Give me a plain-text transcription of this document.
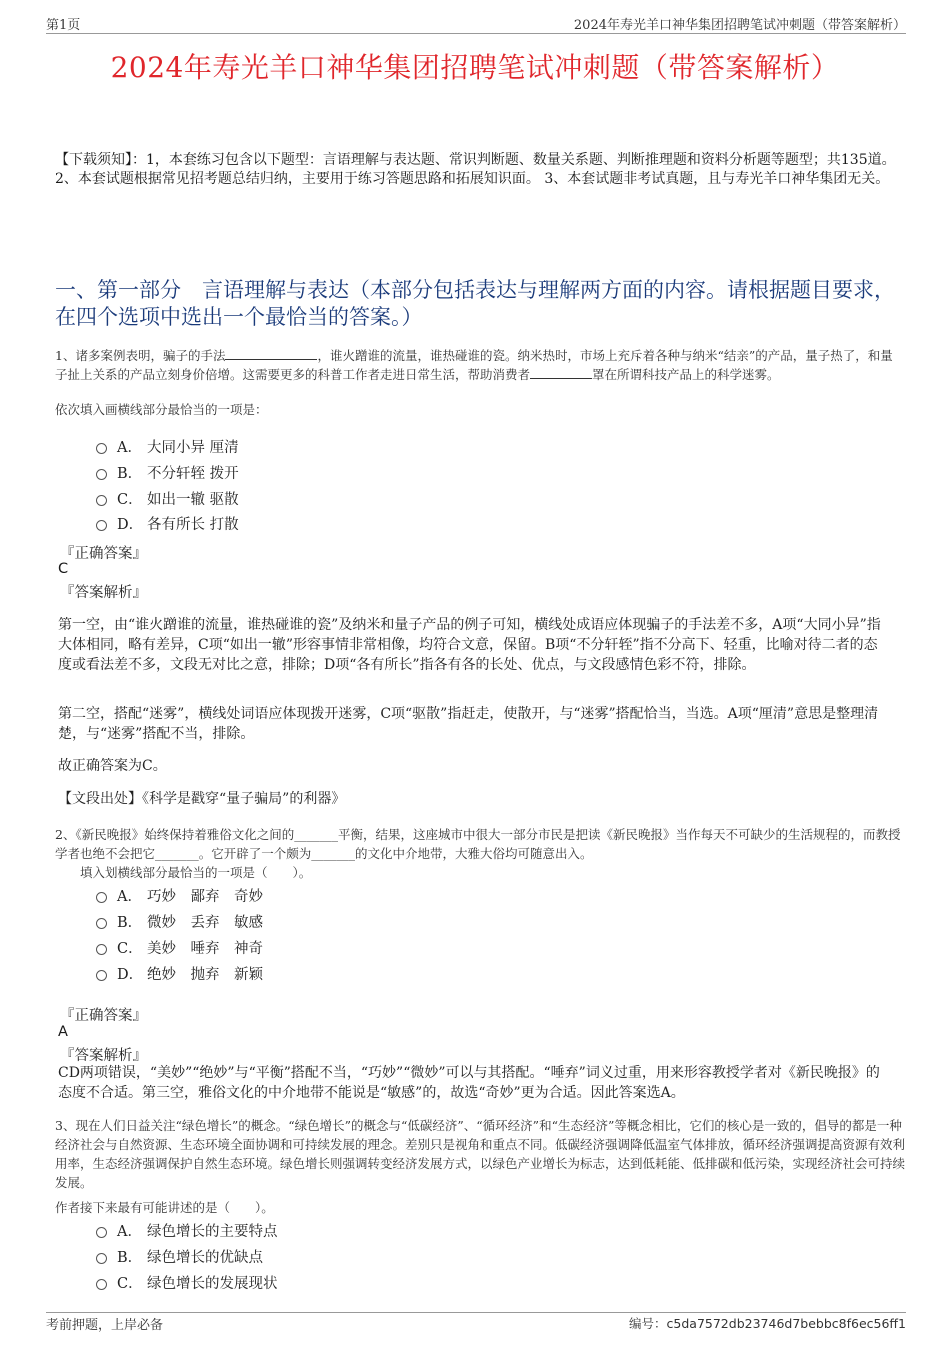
第1页	2024年寿光羊口神华集团招聘笔试冲刺题（带答案解析）
2024年寿光羊口神华集团招聘笔试冲刺题（带答案解析）
【下载须知】：1，本套练习包含以下题型：言语理解与表达题、常识判断题、数量关系题、判断推理题和资料分析题等题型；共135道。 2、本套试题根据常见招考题总结归纳，主要用于练习答题思路和拓展知识面。 3、本套试题非考试真题，且与寿光羊口神华集团无关。
一、第一部分　言语理解与表达（本部分包括表达与理解两方面的内容。请根据题目要求，在四个选项中选出一个最恰当的答案。）
1、诸多案例表明，骗子的手法	，谁火蹭谁的流量，谁热碰谁的瓷。纳米热时，市场上充斥着各种与纳米“结亲”的产品，量子热了，和量子扯上关系的产品立刻身价倍增。这需要更多的科普工作者走进日常生活，帮助消费者	罩在所谓科技产品上的科学迷雾。
依次填入画横线部分最恰当的一项是：
A． 大同小异 厘清
B． 不分轩轾 拨开
C． 如出一辙 驱散
D． 各有所长 打散
『正确答案』
C
『答案解析』
第一空，由“谁火蹭谁的流量，谁热碰谁的瓷”及纳米和量子产品的例子可知，横线处成语应体现骗子的手法差不多，A项“大同小异”指大体相同，略有差异，C项“如出一辙”形容事情非常相像，均符合文意，保留。B项“不分轩轾”指不分高下、轻重，比喻对待二者的态度或看法差不多，文段无对比之意，排除；D项“各有所长”指各有各的长处、优点，与文段感情色彩不符，排除。
第二空，搭配“迷雾”，横线处词语应体现拨开迷雾，C项“驱散”指赶走，使散开，与“迷雾”搭配恰当，当选。A项“厘清”意思是整理清楚，与“迷雾”搭配不当，排除。
故正确答案为C。
【文段出处】《科学是戳穿“量子骗局”的利器》
2、《新民晚报》始终保持着雅俗文化之间的_______平衡，结果，这座城市中很大一部分市民是把读《新民晚报》当作每天不可缺少的生活规程的，而教授学者也绝不会把它_______。它开辟了一个颇为_______的文化中介地带，大雅大俗均可随意出入。
填入划横线部分最恰当的一项是（　　）。
A． 巧妙　鄙弃　奇妙
B． 微妙　丢弃　敏感
C． 美妙　唾弃　神奇
D． 绝妙　抛弃　新颖
『正确答案』
A
『答案解析』
CD两项错误，“美妙”“绝妙”与“平衡”搭配不当，“巧妙”“微妙”可以与其搭配。“唾弃”词义过重，用来形容教授学者对《新民晚报》的态度不合适。第三空，雅俗文化的中介地带不能说是“敏感”的，故选“奇妙”更为合适。因此答案选A。
3、现在人们日益关注“绿色增长”的概念。“绿色增长”的概念与“低碳经济”、“循环经济”和“生态经济”等概念相比，它们的核心是一致的，倡导的都是一种经济社会与自然资源、生态环境全面协调和可持续发展的理念。差别只是视角和重点不同。低碳经济强调降低温室气体排放，循环经济强调提高资源有效利用率，生态经济强调保护自然生态环境。绿色增长则强调转变经济发展方式，以绿色产业增长为标志，达到低耗能、低排碳和低污染，实现经济社会可持续发展。
作者接下来最有可能讲述的是（　　）。
A． 绿色增长的主要特点
B． 绿色增长的优缺点
C． 绿色增长的发展现状
考前押题，上岸必备	编号：c5da7572db23746d7bebbc8f6ec56ff1
